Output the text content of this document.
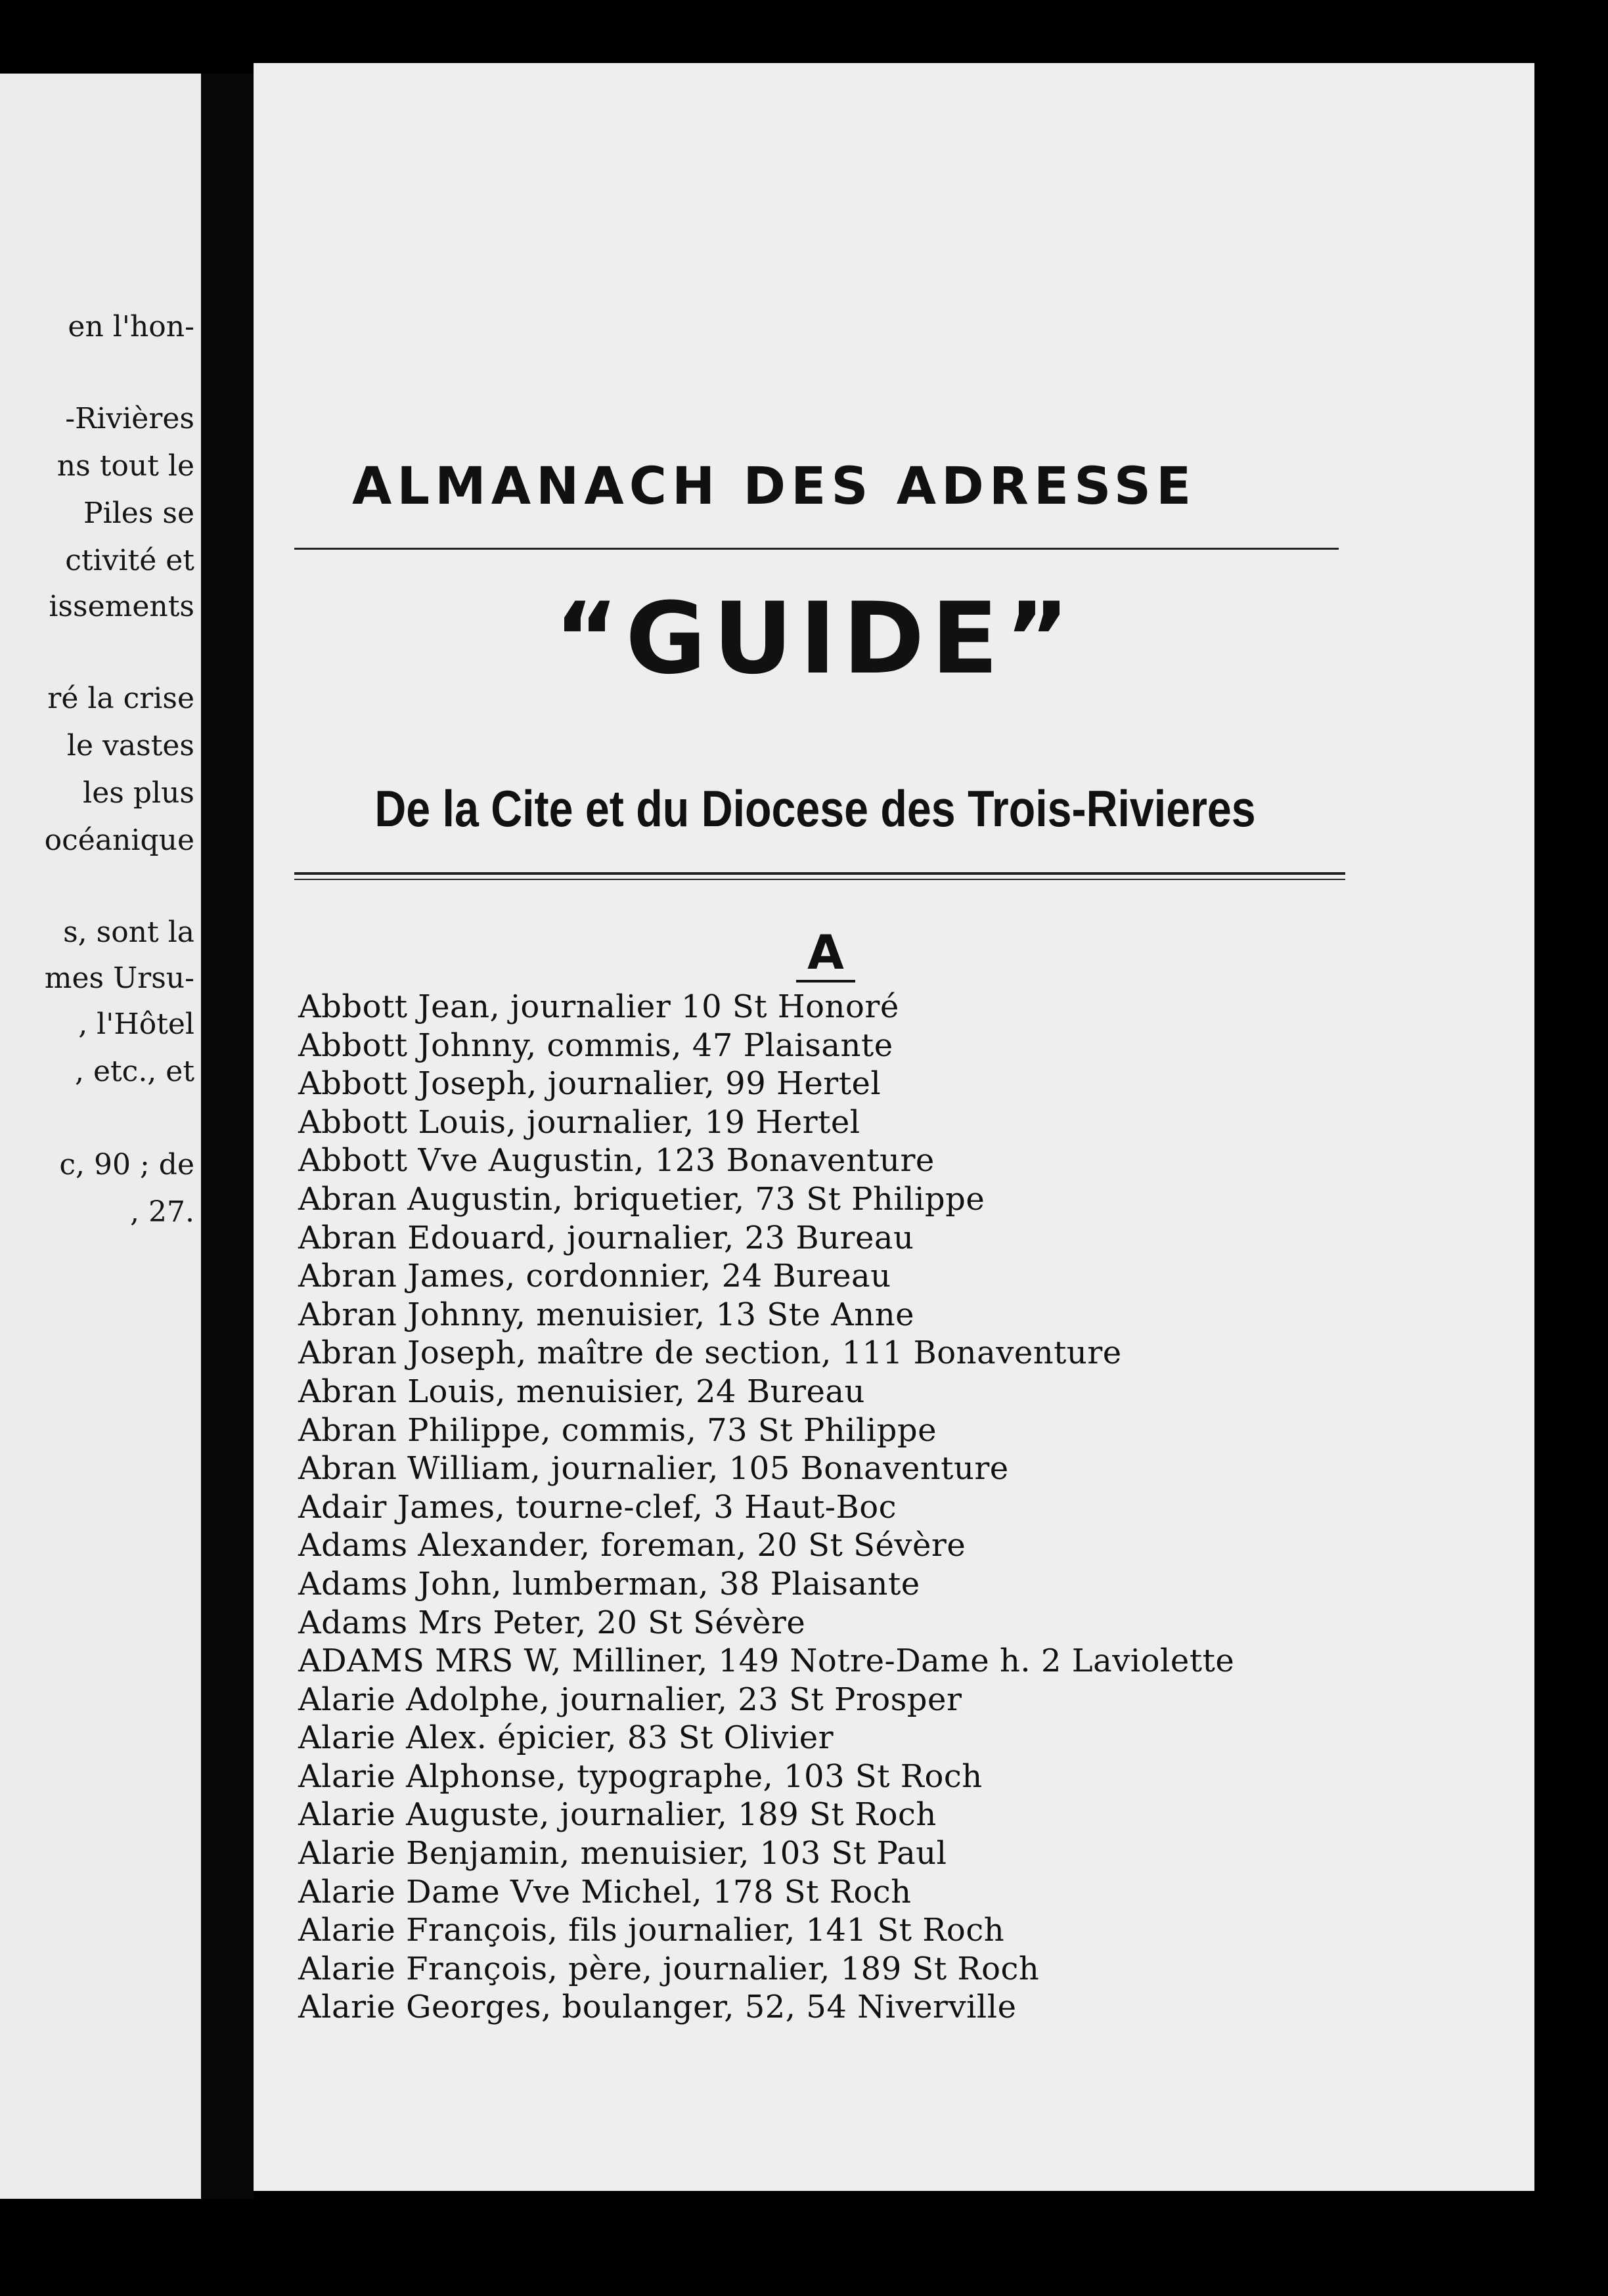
en l'hon-
-Rivières
ns tout le
Piles se
ctivité et
issements
ré la crise
le vastes
les plus
océanique
s, sont la
mes Ursu-
, l'Hôtel
, etc., et
c, 90 ; de
, 27.
ALMANACH DES ADRESSE
“GUIDE”
De la Cite et du Diocese des Trois-Rivieres
A
Abbott Jean, journalier 10 St Honoré
Abbott Johnny, commis, 47 Plaisante
Abbott Joseph, journalier, 99 Hertel
Abbott Louis, journalier, 19 Hertel
Abbott Vve Augustin, 123 Bonaventure
Abran Augustin, briquetier, 73 St Philippe
Abran Edouard, journalier, 23 Bureau
Abran James, cordonnier, 24 Bureau
Abran Johnny, menuisier, 13 Ste Anne
Abran Joseph, maître de section, 111 Bonaventure
Abran Louis, menuisier, 24 Bureau
Abran Philippe, commis, 73 St Philippe
Abran William, journalier, 105 Bonaventure
Adair James, tourne-clef, 3 Haut-Boc
Adams Alexander, foreman, 20 St Sévère
Adams John, lumberman, 38 Plaisante
Adams Mrs Peter, 20 St Sévère
ADAMS MRS W, Milliner, 149 Notre-Dame h. 2 Laviolette
Alarie Adolphe, journalier, 23 St Prosper
Alarie Alex. épicier, 83 St Olivier
Alarie Alphonse, typographe, 103 St Roch
Alarie Auguste, journalier, 189 St Roch
Alarie Benjamin, menuisier, 103 St Paul
Alarie Dame Vve Michel, 178 St Roch
Alarie François, fils journalier, 141 St Roch
Alarie François, père, journalier, 189 St Roch
Alarie Georges, boulanger, 52, 54 Niverville
